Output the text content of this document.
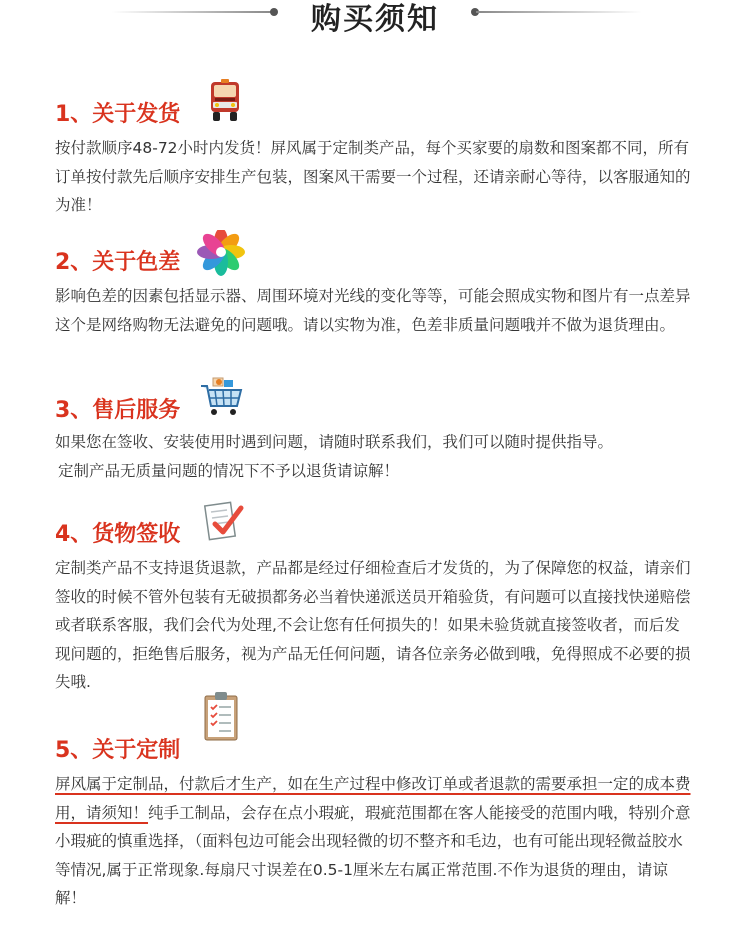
购买须知
1、关于发货

按付款顺序48-72小时内发货！屏风属于定制类产品，每个买家要的扇数和图案都不同，所有订单按付款先后顺序安排生产包装，图案风干需要一个过程，还请亲耐心等待，以客服通知的为准！

2、关于色差

影响色差的因素包括显示器、周围环境对光线的变化等等，可能会照成实物和图片有一点差异这个是网络购物无法避免的问题哦。请以实物为准，色差非质量问题哦并不做为退货理由。

3、售后服务

如果您在签收、安装使用时遇到问题，请随时联系我们，我们可以随时提供指导。

定制产品无质量问题的情况下不予以退货请谅解！

4、货物签收

定制类产品不支持退货退款，产品都是经过仔细检查后才发货的，为了保障您的权益，请亲们签收的时候不管外包装有无破损都务必当着快递派送员开箱验货，有问题可以直接找快递赔偿或者联系客服，我们会代为处理,不会让您有任何损失的！如果未验货就直接签收者，而后发现问题的，拒绝售后服务，视为产品无任何问题，请各位亲务必做到哦，免得照成不必要的损失哦.

5、关于定制

屏风属于定制品，付款后才生产，如在生产过程中修改订单或者退款的需要承担一定的成本费用，请须知！纯手工制品，会存在点小瑕疵，瑕疵范围都在客人能接受的范围内哦，特别介意小瑕疵的慎重选择，（面料包边可能会出现轻微的切不整齐和毛边，也有可能出现轻微益胶水等情况,属于正常现象.每扇尺寸误差在0.5-1厘米左右属正常范围.不作为退货的理由，请谅解！
